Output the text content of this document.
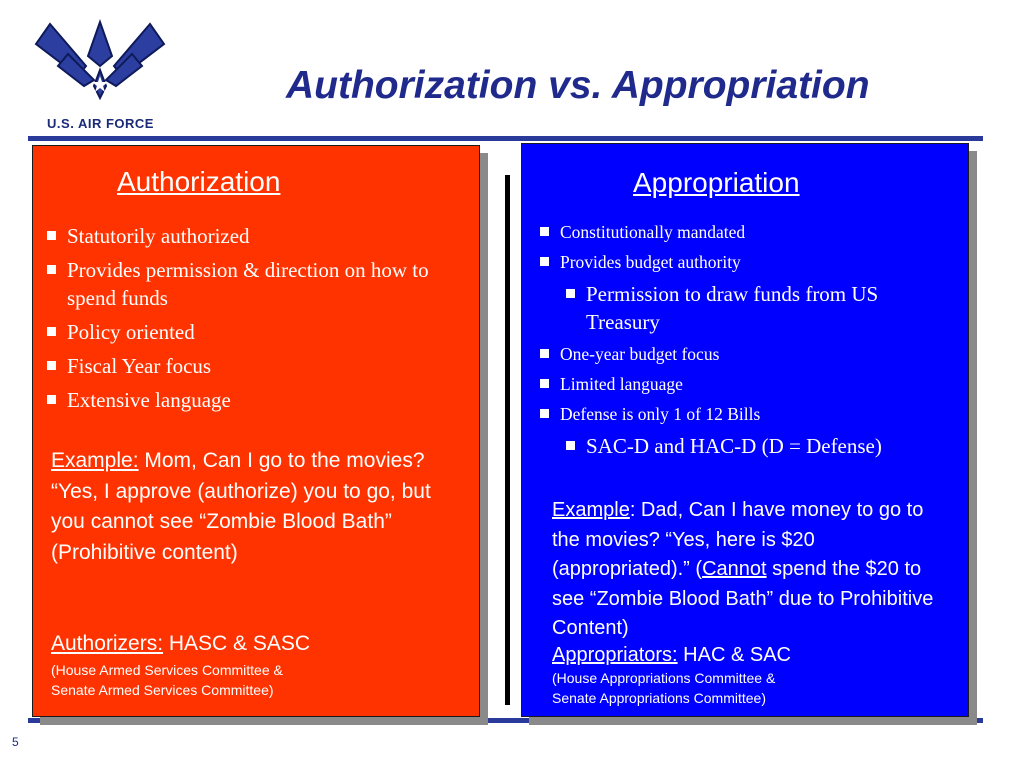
U.S. AIR FORCE
Authorization vs. Appropriation
Authorization
Statutorily authorized
Provides permission & direction on how to spend funds
Policy oriented
Fiscal Year focus
Extensive language
Example: Mom, Can I go to the movies? “Yes, I approve (authorize) you to go, but you cannot see “Zombie Blood Bath” (Prohibitive content)
Authorizers: HASC & SASC
(House Armed Services Committee &
Senate Armed Services Committee)
Appropriation
Constitutionally mandated
Provides budget authority
Permission to draw funds from US Treasury
One-year budget focus
Limited language
Defense is only 1 of 12 Bills
SAC-D and HAC-D (D = Defense)
Example: Dad, Can I have money to go to the movies? “Yes, here is $20 (appropriated).” (Cannot spend the $20 to see “Zombie Blood Bath” due to Prohibitive Content)
Appropriators: HAC & SAC
(House Appropriations Committee &
Senate Appropriations Committee)
5
